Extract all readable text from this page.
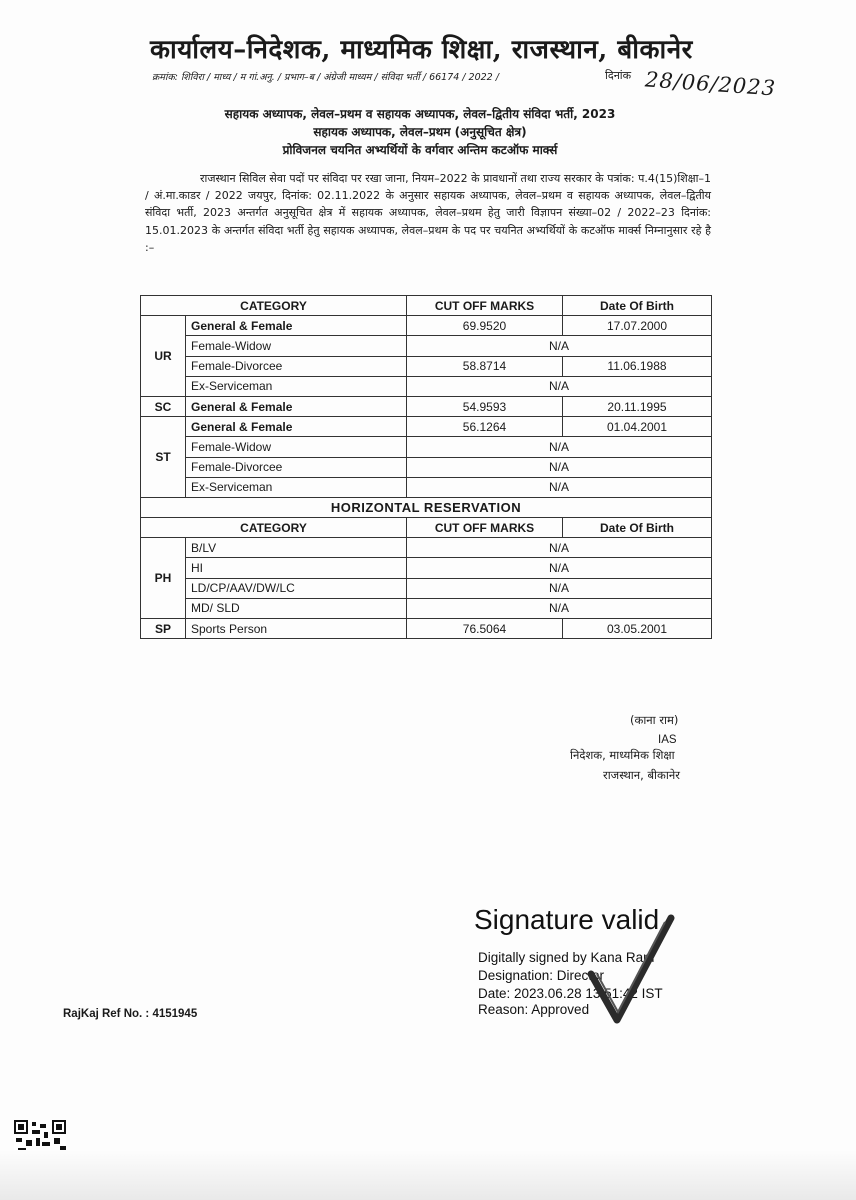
कार्यालय–निदेशक, माध्यमिक शिक्षा, राजस्थान, बीकानेर
क्रमांक: शिविरा / माध्य / म गां.अनु. / प्रभाग–ब / अंग्रेजी माध्यम / संविदा भर्ती / 66174 / 2022 /	दिनांक 28/06/2023
सहायक अध्यापक, लेवल–प्रथम व सहायक अध्यापक, लेवल–द्वितीय संविदा भर्ती, 2023
सहायक अध्यापक, लेवल–प्रथम (अनुसूचित क्षेत्र)
प्रोविजनल चयनित अभ्यर्थियों के वर्गवार अन्तिम कटऑफ मार्क्स
राजस्थान सिविल सेवा पदों पर संविदा पर रखा जाना, नियम–2022 के प्रावधानों तथा राज्य सरकार के पत्रांक: प.4(15)शिक्षा–1 / अं.मा.काडर / 2022 जयपुर, दिनांक: 02.11.2022 के अनुसार सहायक अध्यापक, लेवल–प्रथम व सहायक अध्यापक, लेवल–द्वितीय संविदा भर्ती, 2023 अन्तर्गत अनुसूचित क्षेत्र में सहायक अध्यापक, लेवल–प्रथम हेतु जारी विज्ञापन संख्या–02 / 2022–23 दिनांक: 15.01.2023 के अन्तर्गत संविदा भर्ती हेतु सहायक अध्यापक, लेवल–प्रथम के पद पर चयनित अभ्यर्थियों के कटऑफ मार्क्स निम्नानुसार रहे है :–
CATEGORY		CUT OFF MARKS	Date Of Birth
UR	General & Female	69.9520	17.07.2000
	Female-Widow	N/A	
	Female-Divorcee	58.8714	11.06.1988
	Ex-Serviceman	N/A	
SC	General & Female	54.9593	20.11.1995
ST	General & Female	56.1264	01.04.2001
	Female-Widow	N/A	
	Female-Divorcee	N/A	
	Ex-Serviceman	N/A	
HORIZONTAL RESERVATION			
CATEGORY		CUT OFF MARKS	Date Of Birth
PH	B/LV	N/A	
	HI	N/A	
	LD/CP/AAV/DW/LC	N/A	
	MD/ SLD	N/A	
SP	Sports Person	76.5064	03.05.2001
(काना राम)
IAS
निदेशक, माध्यमिक शिक्षा
राजस्थान, बीकानेर
Signature valid
Digitally signed by Kana Ram
Designation: Director
Date: 2023.06.28 13:51:42 IST
Reason: Approved
RajKaj Ref No. : 4151945
